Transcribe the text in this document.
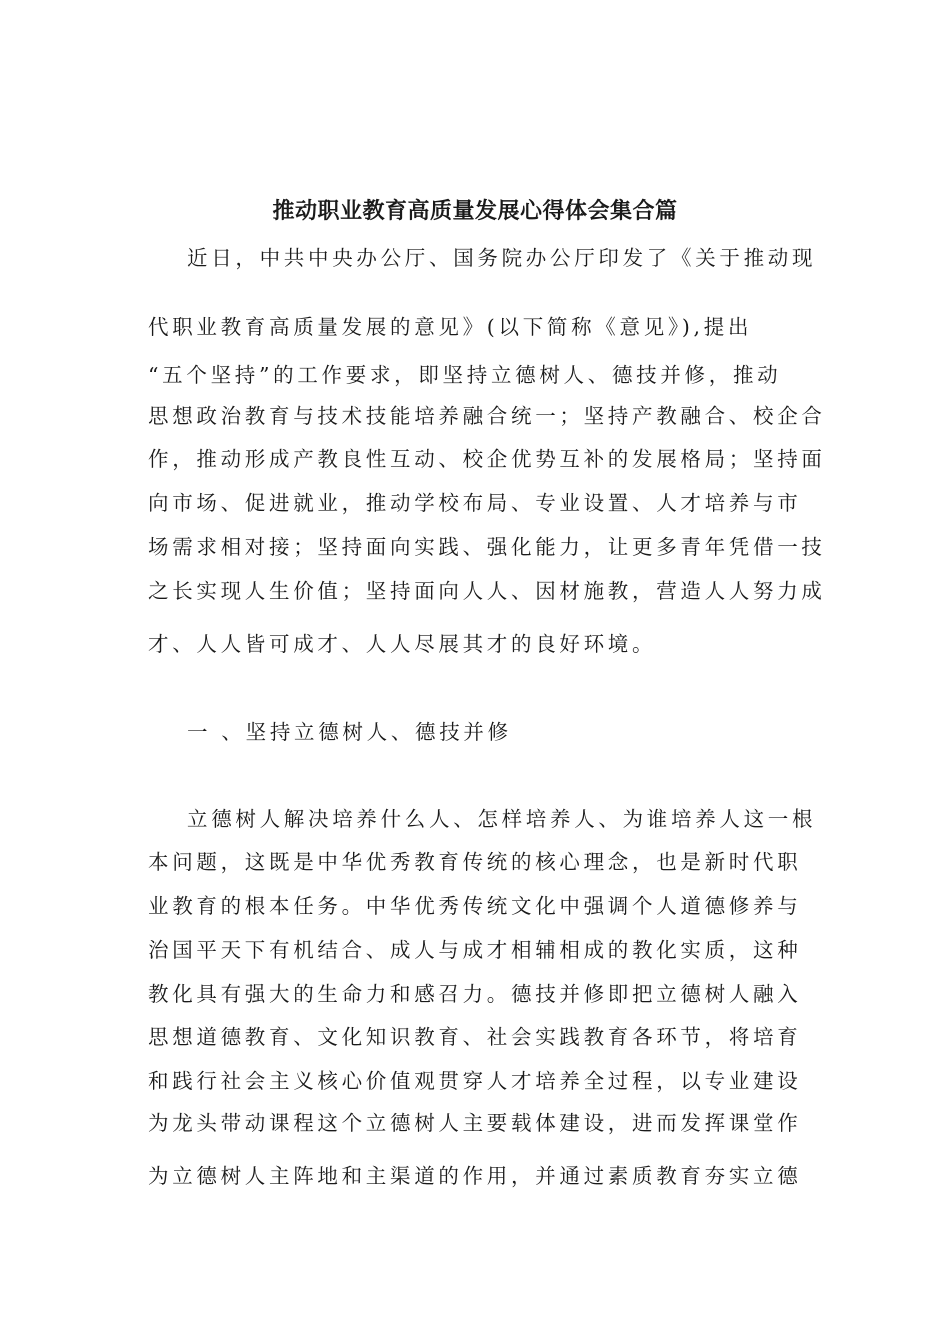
推动职业教育高质量发展心得体会集合篇
近日，中共中央办公厅、国务院办公厅印发了《关于推动现
代职业教育高质量发展的意见》(以下简称《意见》),提出
“五个坚持”的工作要求，即坚持立德树人、德技并修，推动
思想政治教育与技术技能培养融合统一；坚持产教融合、校企合
作，推动形成产教良性互动、校企优势互补的发展格局；坚持面
向市场、促进就业，推动学校布局、专业设置、人才培养与市
场需求相对接；坚持面向实践、强化能力，让更多青年凭借一技
之长实现人生价值；坚持面向人人、因材施教，营造人人努力成
才、人人皆可成才、人人尽展其才的良好环境。
一 、坚持立德树人、德技并修
立德树人解决培养什么人、怎样培养人、为谁培养人这一根
本问题，这既是中华优秀教育传统的核心理念，也是新时代职
业教育的根本任务。中华优秀传统文化中强调个人道德修养与
治国平天下有机结合、成人与成才相辅相成的教化实质，这种
教化具有强大的生命力和感召力。德技并修即把立德树人融入
思想道德教育、文化知识教育、社会实践教育各环节，将培育
和践行社会主义核心价值观贯穿人才培养全过程，以专业建设
为龙头带动课程这个立德树人主要载体建设，进而发挥课堂作
为立德树人主阵地和主渠道的作用，并通过素质教育夯实立德
